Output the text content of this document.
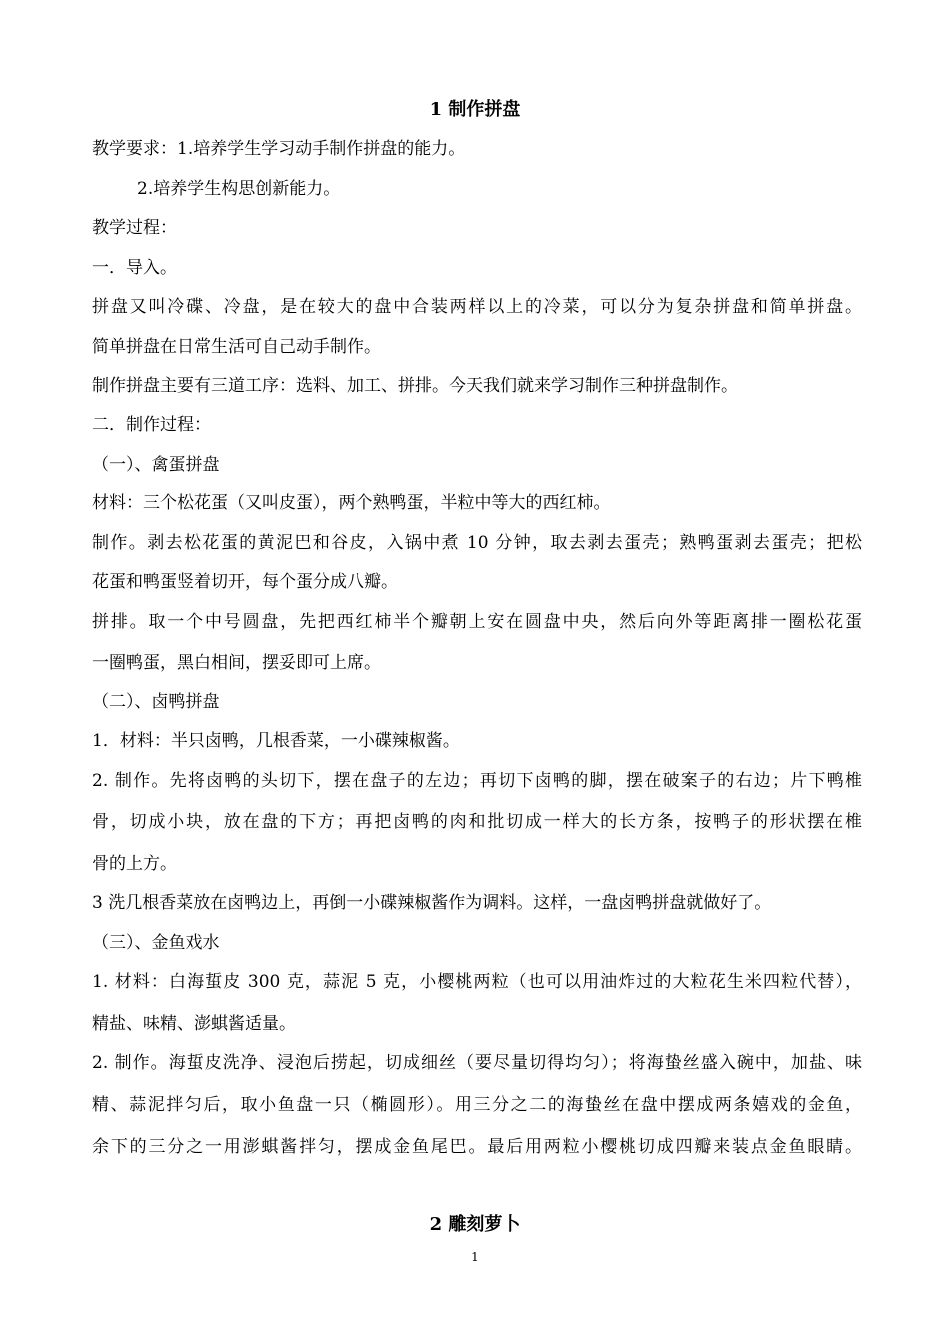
1 制作拼盘
教学要求：1.培养学生学习动手制作拼盘的能力。
2.培养学生构思创新能力。
教学过程：
一．导入。
拼盘又叫冷碟、冷盘，是在较大的盘中合装两样以上的冷菜，可以分为复杂拼盘和简单拼盘。
简单拼盘在日常生活可自己动手制作。
制作拼盘主要有三道工序：选料、加工、拼排。今天我们就来学习制作三种拼盘制作。
二．制作过程：
（一）、禽蛋拼盘
材料：三个松花蛋（又叫皮蛋），两个熟鸭蛋，半粒中等大的西红柿。
制作。剥去松花蛋的黄泥巴和谷皮，入锅中煮 10 分钟，取去剥去蛋壳；熟鸭蛋剥去蛋壳；把松
花蛋和鸭蛋竖着切开，每个蛋分成八瓣。
拼排。取一个中号圆盘，先把西红柿半个瓣朝上安在圆盘中央，然后向外等距离排一圈松花蛋
一圈鸭蛋，黑白相间，摆妥即可上席。
（二）、卤鸭拼盘
1．材料：半只卤鸭，几根香菜，一小碟辣椒酱。
2. 制作。先将卤鸭的头切下，摆在盘子的左边；再切下卤鸭的脚，摆在破案子的右边；片下鸭椎
骨，切成小块，放在盘的下方；再把卤鸭的肉和批切成一样大的长方条，按鸭子的形状摆在椎
骨的上方。
3 洗几根香菜放在卤鸭边上，再倒一小碟辣椒酱作为调料。这样，一盘卤鸭拼盘就做好了。
（三）、金鱼戏水
1. 材料：白海蜇皮 300 克，蒜泥 5 克，小樱桃两粒（也可以用油炸过的大粒花生米四粒代替），
精盐、味精、澎蜞酱适量。
2. 制作。海蜇皮洗净、浸泡后捞起，切成细丝（要尽量切得均匀）；将海蛰丝盛入碗中，加盐、味
精、蒜泥拌匀后，取小鱼盘一只（椭圆形）。用三分之二的海蛰丝在盘中摆成两条嬉戏的金鱼，
余下的三分之一用澎蜞酱拌匀，摆成金鱼尾巴。最后用两粒小樱桃切成四瓣来装点金鱼眼睛。
2 雕刻萝卜
1
